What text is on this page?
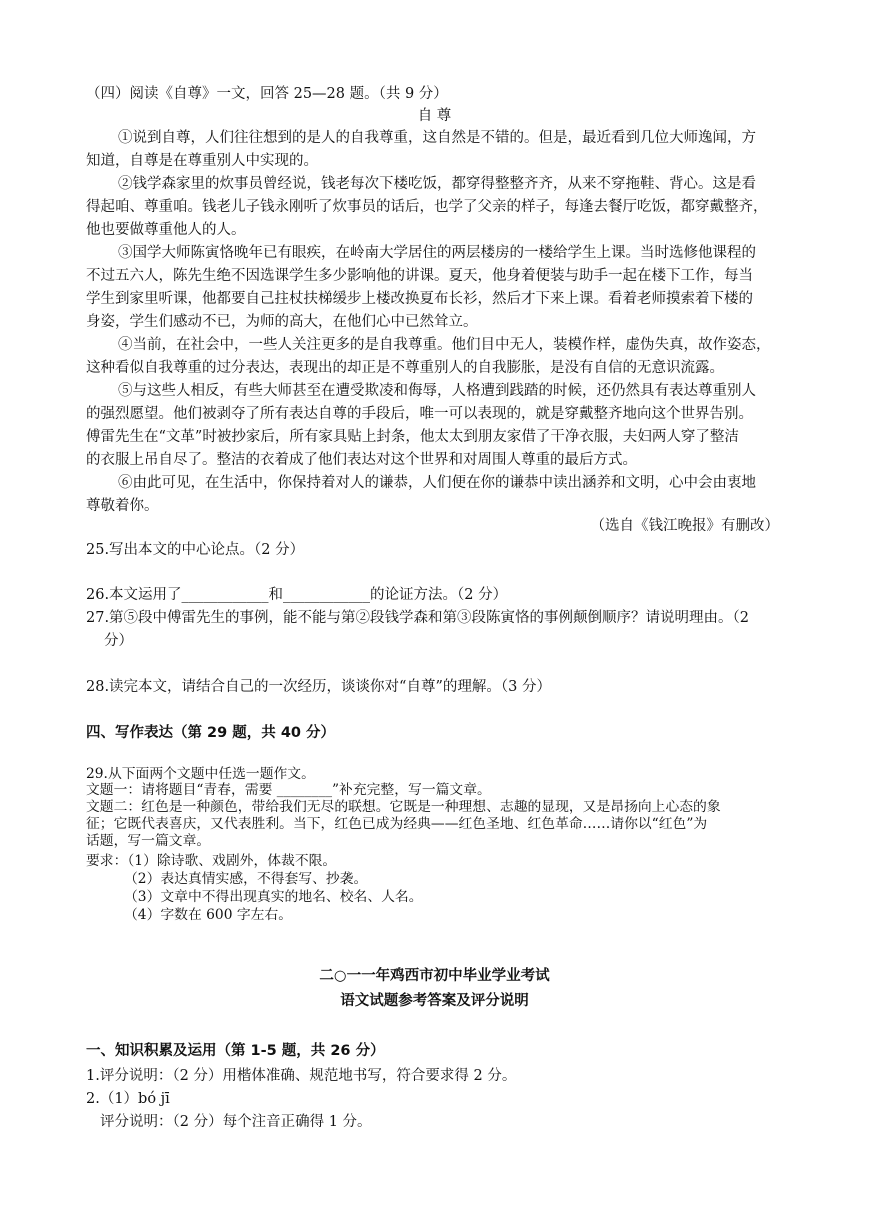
（四）阅读《自尊》一文，回答 25—28 题。（共 9 分）
自 尊
①说到自尊，人们往往想到的是人的自我尊重，这自然是不错的。但是，最近看到几位大师逸闻，方
知道，自尊是在尊重别人中实现的。
②钱学森家里的炊事员曾经说，钱老每次下楼吃饭，都穿得整整齐齐，从来不穿拖鞋、背心。这是看
得起咱、尊重咱。钱老儿子钱永刚听了炊事员的话后，也学了父亲的样子，每逢去餐厅吃饭，都穿戴整齐，
他也要做尊重他人的人。
③国学大师陈寅恪晚年已有眼疾，在岭南大学居住的两层楼房的一楼给学生上课。当时选修他课程的
不过五六人，陈先生绝不因选课学生多少影响他的讲课。夏天，他身着便装与助手一起在楼下工作，每当
学生到家里听课，他都要自己拄杖扶梯缓步上楼改换夏布长衫，然后才下来上课。看着老师摸索着下楼的
身姿，学生们感动不已，为师的高大，在他们心中已然耸立。
④当前，在社会中，一些人关注更多的是自我尊重。他们目中无人，装模作样，虚伪失真，故作姿态，
这种看似自我尊重的过分表达，表现出的却正是不尊重别人的自我膨胀，是没有自信的无意识流露。
⑤与这些人相反，有些大师甚至在遭受欺凌和侮辱，人格遭到践踏的时候，还仍然具有表达尊重别人
的强烈愿望。他们被剥夺了所有表达自尊的手段后，唯一可以表现的，就是穿戴整齐地向这个世界告别。
傅雷先生在“文革”时被抄家后，所有家具贴上封条，他太太到朋友家借了干净衣服，夫妇两人穿了整洁
的衣服上吊自尽了。整洁的衣着成了他们表达对这个世界和对周围人尊重的最后方式。
⑥由此可见，在生活中，你保持着对人的谦恭，人们便在你的谦恭中读出涵养和文明，心中会由衷地
尊敬着你。
（选自《钱江晚报》有删改）
25.写出本文的中心论点。（2 分）
26.本文运用了____________和____________的论证方法。（2 分）
27.第⑤段中傅雷先生的事例，能不能与第②段钱学森和第③段陈寅恪的事例颠倒顺序？请说明理由。（2
分）
28.读完本文，请结合自己的一次经历，谈谈你对“自尊”的理解。（3 分）
四、写作表达（第 29 题，共 40 分）
29.从下面两个文题中任选一题作文。
文题一：请将题目“青春，需要 ________”补充完整，写一篇文章。
文题二：红色是一种颜色，带给我们无尽的联想。它既是一种理想、志趣的显现，又是昂扬向上心态的象
征；它既代表喜庆，又代表胜利。当下，红色已成为经典——红色圣地、红色革命……请你以“红色”为
话题，写一篇文章。
要求：（1）除诗歌、戏剧外，体裁不限。
（2）表达真情实感，不得套写、抄袭。
（3）文章中不得出现真实的地名、校名、人名。
（4）字数在 600 字左右。
二○一一年鸡西市初中毕业学业考试
语文试题参考答案及评分说明
一、知识积累及运用（第 1-5 题，共 26 分）
1.评分说明：（2 分）用楷体准确、规范地书写，符合要求得 2 分。
2.（1）bó jī
评分说明：（2 分）每个注音正确得 1 分。
